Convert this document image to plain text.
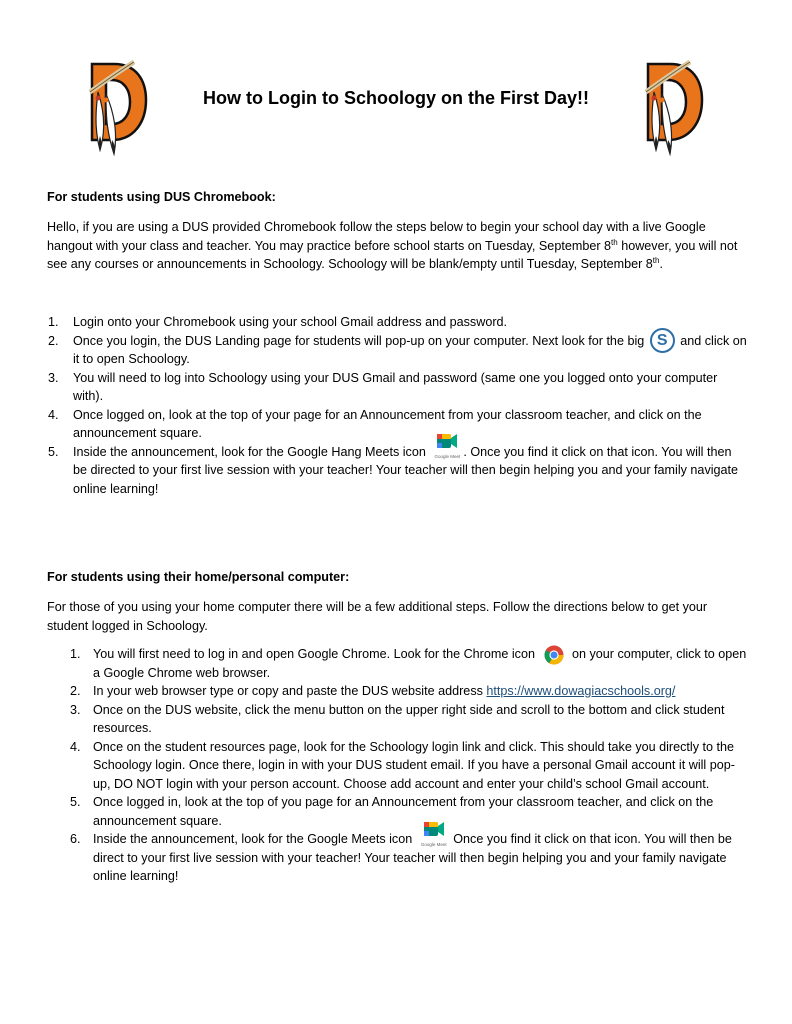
How to Login to Schoology on the First Day!!
For students using DUS Chromebook:
Hello, if you are using a DUS provided Chromebook follow the steps below to begin your school day with a live Google hangout with your class and teacher. You may practice before school starts on Tuesday, September 8th however, you will not see any courses or announcements in Schoology. Schoology will be blank/empty until Tuesday, September 8th.
1. Login onto your Chromebook using your school Gmail address and password.
2. Once you login, the DUS Landing page for students will pop-up on your computer. Next look for the big S and click on it to open Schoology.
3. You will need to log into Schoology using your DUS Gmail and password (same one you logged onto your computer with).
4. Once logged on, look at the top of your page for an Announcement from your classroom teacher, and click on the announcement square.
5. Inside the announcement, look for the Google Hang Meets icon	Google Meet . Once you find it click on that icon. You will then be directed to your first live session with your teacher! Your teacher will then begin helping you and your family navigate online learning!
For students using their home/personal computer:
For those of you using your home computer there will be a few additional steps. Follow the directions below to get your student logged in Schoology.
1. You will first need to log in and open Google Chrome. Look for the Chrome icon  on your computer, click to open a Google Chrome web browser.
2. In your web browser type or copy and paste the DUS website address https://www.dowagiacschools.org/
3. Once on the DUS website, click the menu button on the upper right side and scroll to the bottom and click student resources.
4. Once on the student resources page, look for the Schoology login link and click. This should take you directly to the Schoology login. Once there, login in with your DUS student email. If you have a personal Gmail account it will pop-up, DO NOT login with your person account. Choose add account and enter your child’s school Gmail account.
5. Once logged in, look at the top of you page for an Announcement from your classroom teacher, and click on the announcement square.
6. Inside the announcement, look for the Google Meets icon	Google Meet Once you find it click on that icon. You will then be direct to your first live session with your teacher! Your teacher will then begin helping you and your family navigate online learning!
